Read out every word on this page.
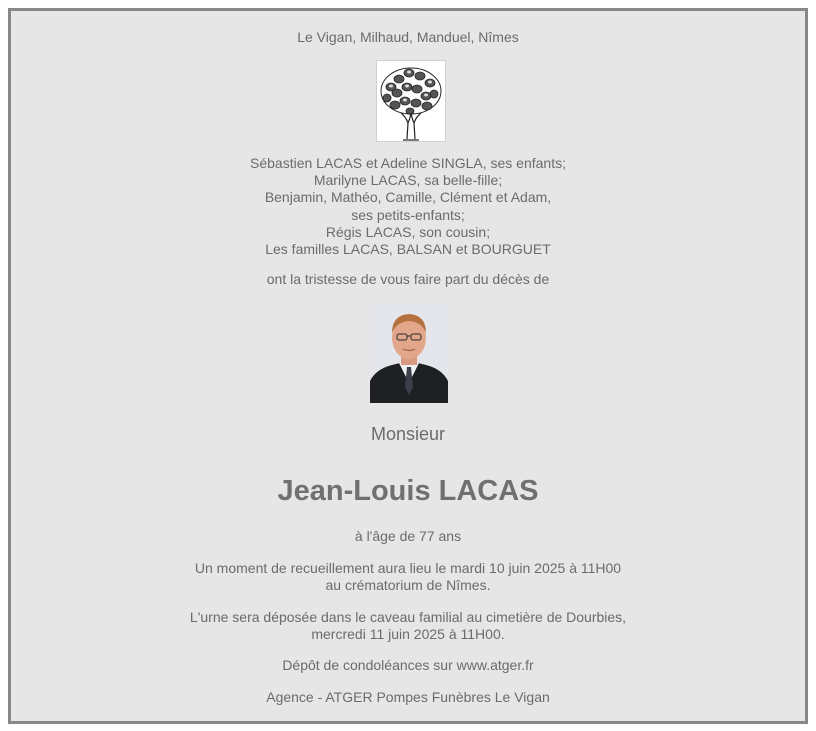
Le Vigan, Milhaud, Manduel, Nîmes

Sébastien LACAS et Adeline SINGLA, ses enfants;

Marilyne LACAS, sa belle-fille;

Benjamin, Mathéo, Camille, Clément et Adam,

ses petits-enfants;

Régis LACAS, son cousin;

Les familles LACAS, BALSAN et BOURGUET

ont la tristesse de vous faire part du décès de

Monsieur
Jean-Louis LACAS

à l'âge de 77 ans

Un moment de recueillement aura lieu le mardi 10 juin 2025 à 11H00

au crématorium de Nîmes.

L'urne sera déposée dans le caveau familial au cimetière de Dourbies,

mercredi 11 juin 2025 à 11H00.

Dépôt de condoléances sur www.atger.fr

Agence - ATGER Pompes Funèbres Le Vigan
